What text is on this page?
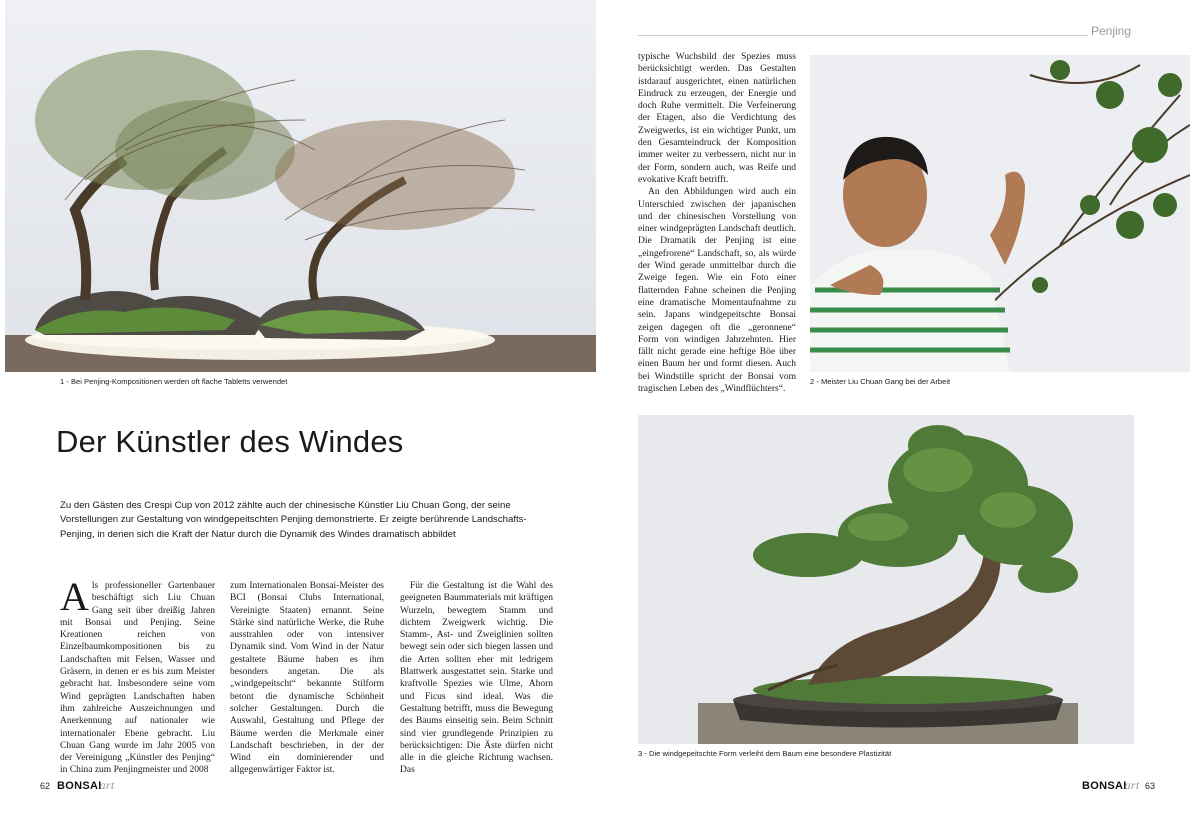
1 - Bei Penjing-Kompositionen werden oft flache Tabletts verwendet
Der Künstler des Windes
Zu den Gästen des Crespi Cup von 2012 zählte auch der chinesische Künstler Liu Chuan Gong, der seine
Vorstellungen zur Gestaltung von windgepeitschten Penjing demonstrierte. Er zeigte berührende Landschafts-
Penjing, in denen sich die Kraft der Natur durch die Dynamik des Windes dramatisch abbildet

Als professioneller Gartenbauer beschäftigt sich Liu Chuan Gang seit über dreißig Jahren mit Bonsai und Penjing. Seine Kreationen reichen von Einzelbaumkompositionen bis zu Landschaften mit Felsen, Wasser und Gräsern, in denen er es bis zum Meister gebracht hat. Insbesondere seine vom Wind geprägten Landschaften haben ihm zahlreiche Auszeichnungen und Anerkennung auf nationaler wie internationaler Ebene gebracht. Liu Chuan Gang wurde im Jahr 2005 von der Vereinigung „Künstler des Penjing“ in China zum Penjingmeister und 2008

zum Internationalen Bonsai-Meister des BCI (Bonsai Clubs International, Vereinigte Staaten) ernannt. Seine Stärke sind natürliche Werke, die Ruhe ausstrahlen oder von intensiver Dynamik sind. Vom Wind in der Natur gestaltete Bäume haben es ihm besonders angetan. Die als „windgepeitscht“ bekannte Stilform betont die dynamische Schönheit solcher Gestaltungen. Durch die Auswahl, Gestaltung und Pflege der Bäume werden die Merkmale einer Landschaft beschrieben, in der der Wind ein dominierender und allgegenwärtiger Faktor ist.

Für die Gestaltung ist die Wahl des geeigneten Baummaterials mit kräftigen Wurzeln, bewegtem Stamm und dichtem Zweigwerk wichtig. Die Stamm-, Ast- und Zweiglinien sollten bewegt sein oder sich biegen lassen und die Arten sollten eher mit ledrigem Blattwerk ausgestattet sein. Starke und kraftvolle Spezies wie Ulme, Ahorn und Ficus sind ideal. Was die Gestaltung betrifft, muss die Bewegung des Baums einseitig sein. Beim Schnitt sind vier grundlegende Prinzipien zu berücksichtigen: Die Äste dürfen nicht alle in die gleiche Richtung wachsen. Das

62 BONSAIart
Penjing

typische Wuchsbild der Spezies muss berücksichtigt werden. Das Gestalten istdarauf ausgerichtet, einen natürlichen Eindruck zu erzeugen, der Energie und doch Ruhe vermittelt. Die Verfeinerung der Etagen, also die Verdichtung des Zweigwerks, ist ein wichtiger Punkt, um den Gesamteindruck der Komposition immer weiter zu verbessern, nicht nur in der Form, sondern auch, was Reife und evokative Kraft betrifft.

An den Abbildungen wird auch ein Unterschied zwischen der japanischen und der chinesischen Vorstellung von einer windgeprägten Landschaft deutlich. Die Dramatik der Penjing ist eine „eingefrorene“ Landschaft, so, als würde der Wind gerade unmittelbar durch die Zweige fegen. Wie ein Foto einer flatternden Fahne scheinen die Penjing eine dramatische Momentaufnahme zu sein. Japans windgepeitschte Bonsai zeigen dagegen oft die „geronnene“ Form von windigen Jahrzehnten. Hier fällt nicht gerade eine heftige Böe über einen Baum her und formt diesen. Auch bei Windstille spricht der Bonsai vom tragischen Leben des „Windflüchters“.

2 - Meister Liu Chuan Gang bei der Arbeit
3 - Die windgepeitschte Form verleiht dem Baum eine besondere Plastizität
BONSAIart 63
